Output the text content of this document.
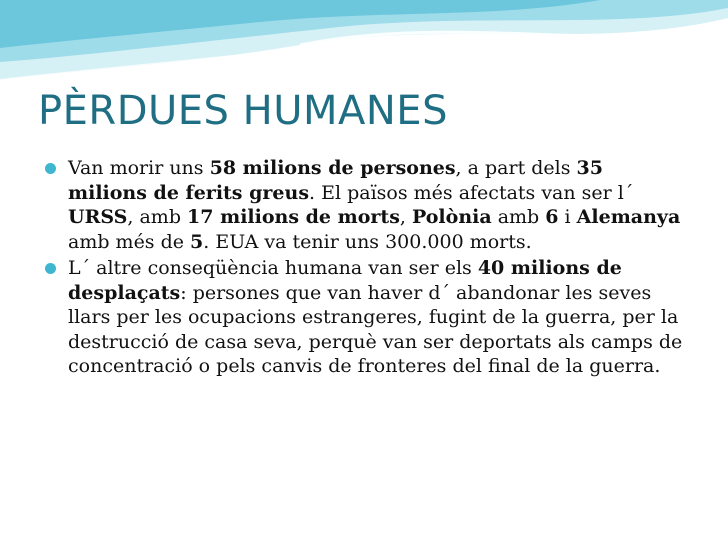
PÈRDUES HUMANES
Van morir uns 58 milions de persones, a part dels 35 milions de ferits greus. El països més afectats van ser l´ URSS, amb 17 milions de morts, Polònia amb 6 i Alemanya amb més de 5. EUA va tenir uns 300.000 morts.
L´ altre conseqüència humana van ser els 40 milions de desplaçats: persones que van haver d´ abandonar les seves llars per les ocupacions estrangeres, fugint de la guerra, per la destrucció de casa seva, perquè van ser deportats als camps de concentració o pels canvis de fronteres del final de la guerra.
